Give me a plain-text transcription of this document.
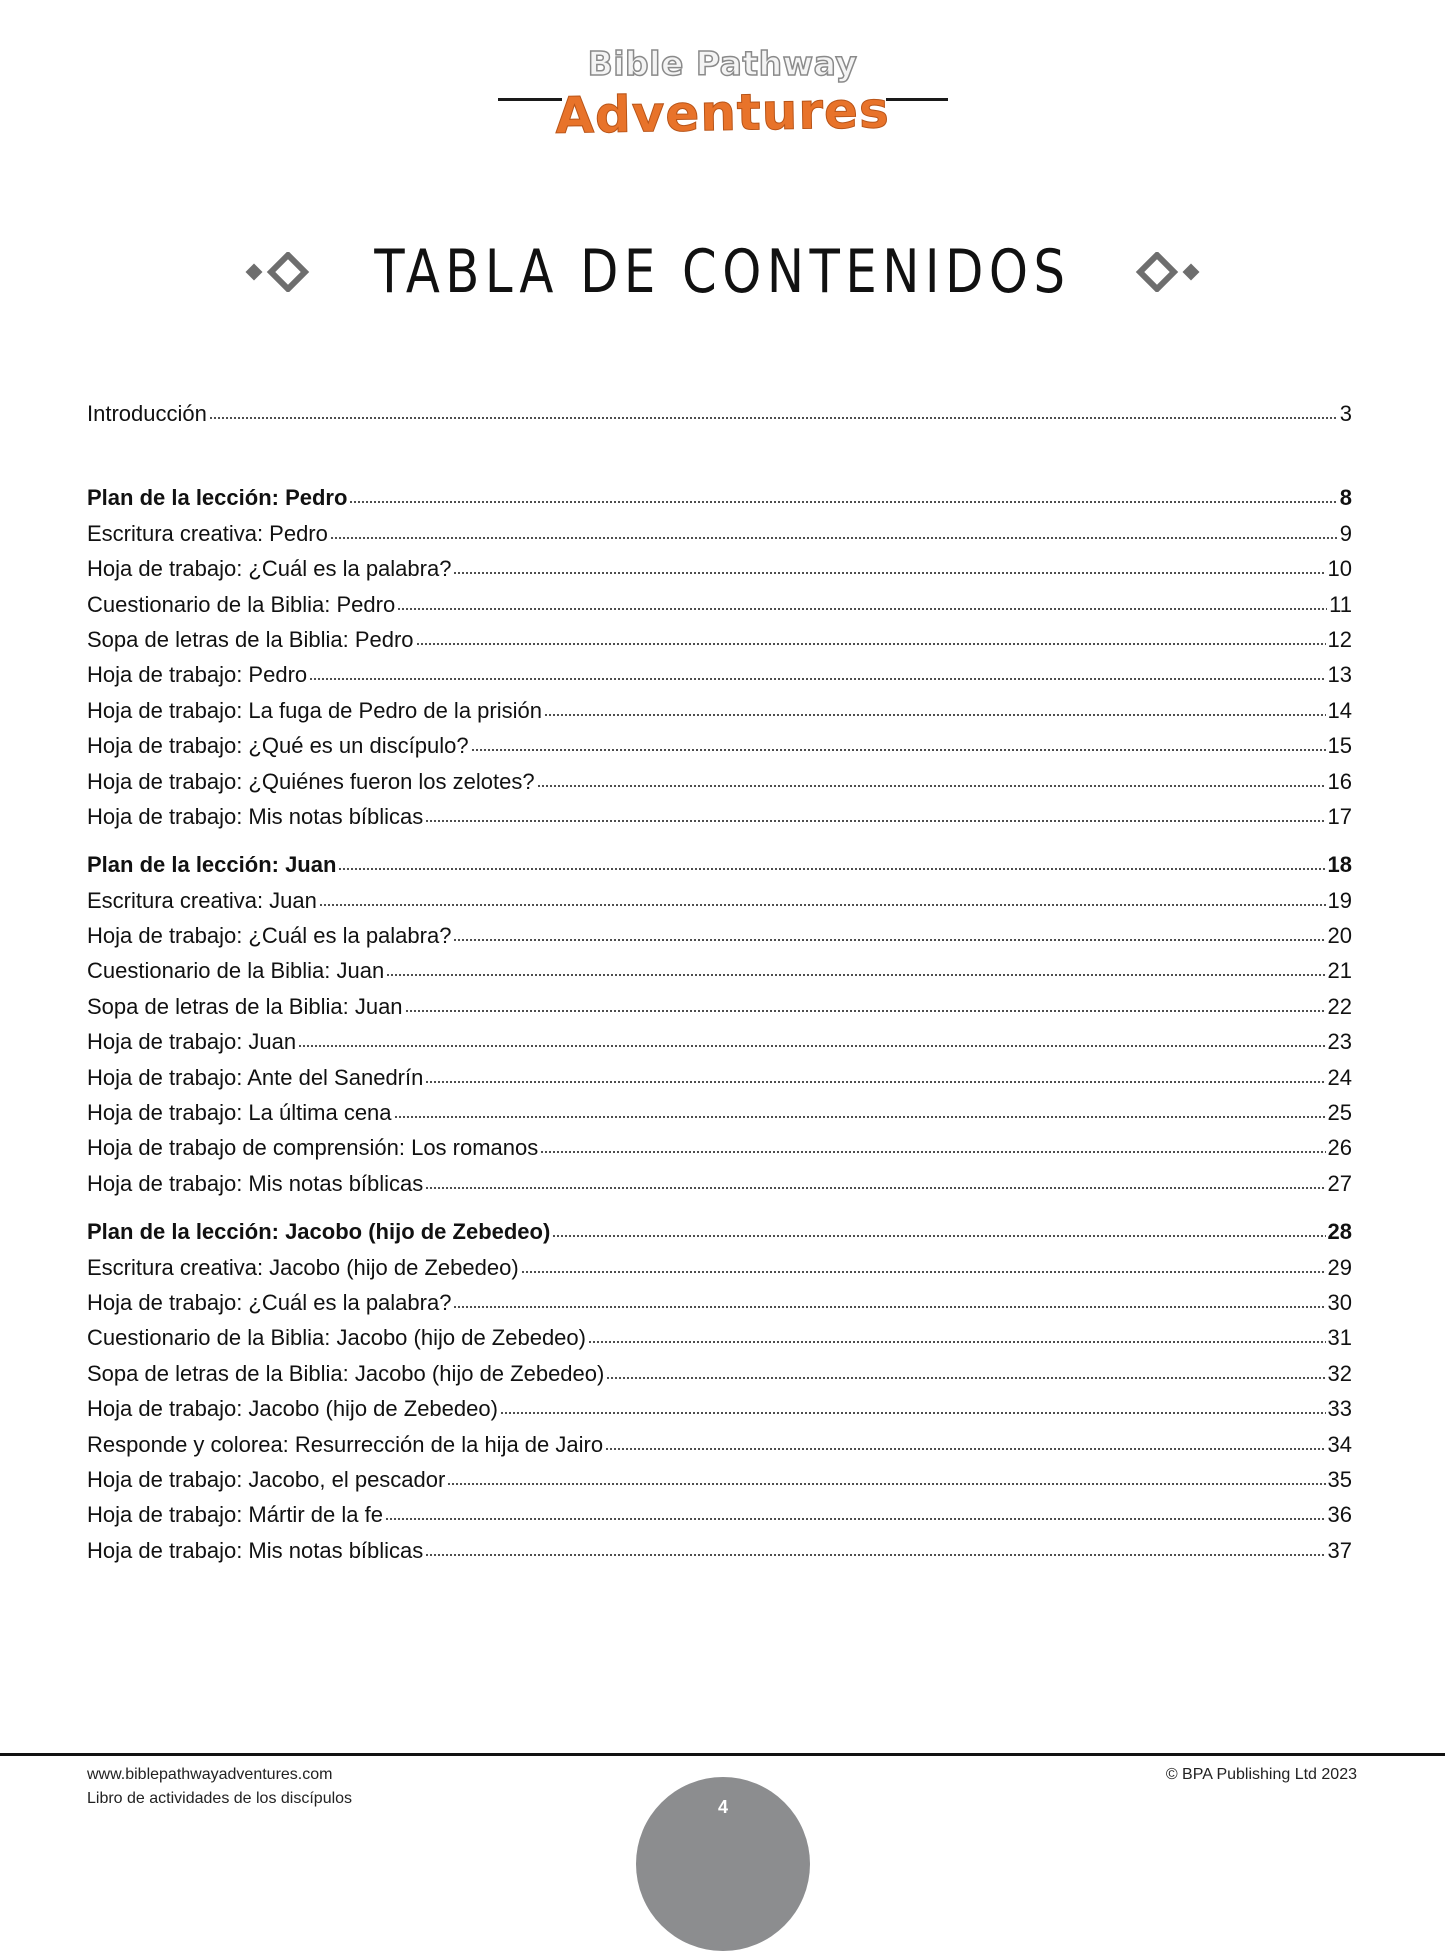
Bible Pathway
Adventures
TABLA DE CONTENIDOS
Introducción	3
Plan de la lección: Pedro	8
Escritura creativa: Pedro	9
Hoja de trabajo: ¿Cuál es la palabra?	10
Cuestionario de la Biblia: Pedro	11
Sopa de letras de la Biblia: Pedro	12
Hoja de trabajo: Pedro	13
Hoja de trabajo: La fuga de Pedro de la prisión	14
Hoja de trabajo: ¿Qué es un discípulo?	15
Hoja de trabajo: ¿Quiénes fueron los zelotes?	16
Hoja de trabajo: Mis notas bíblicas	17
Plan de la lección: Juan	18
Escritura creativa: Juan	19
Hoja de trabajo: ¿Cuál es la palabra?	20
Cuestionario de la Biblia: Juan	21
Sopa de letras de la Biblia: Juan	22
Hoja de trabajo: Juan	23
Hoja de trabajo: Ante del Sanedrín	24
Hoja de trabajo: La última cena	25
Hoja de trabajo de comprensión: Los romanos	26
Hoja de trabajo: Mis notas bíblicas	27
Plan de la lección: Jacobo (hijo de Zebedeo)	28
Escritura creativa: Jacobo (hijo de Zebedeo)	29
Hoja de trabajo: ¿Cuál es la palabra?	30
Cuestionario de la Biblia: Jacobo (hijo de Zebedeo)	31
Sopa de letras de la Biblia: Jacobo (hijo de Zebedeo)	32
Hoja de trabajo: Jacobo (hijo de Zebedeo)	33
Responde y colorea: Resurrección de la hija de Jairo	34
Hoja de trabajo: Jacobo, el pescador	35
Hoja de trabajo: Mártir de la fe	36
Hoja de trabajo: Mis notas bíblicas	37
www.biblepathwayadventures.com
Libro de actividades de los discípulos
© BPA Publishing Ltd 2023
4
